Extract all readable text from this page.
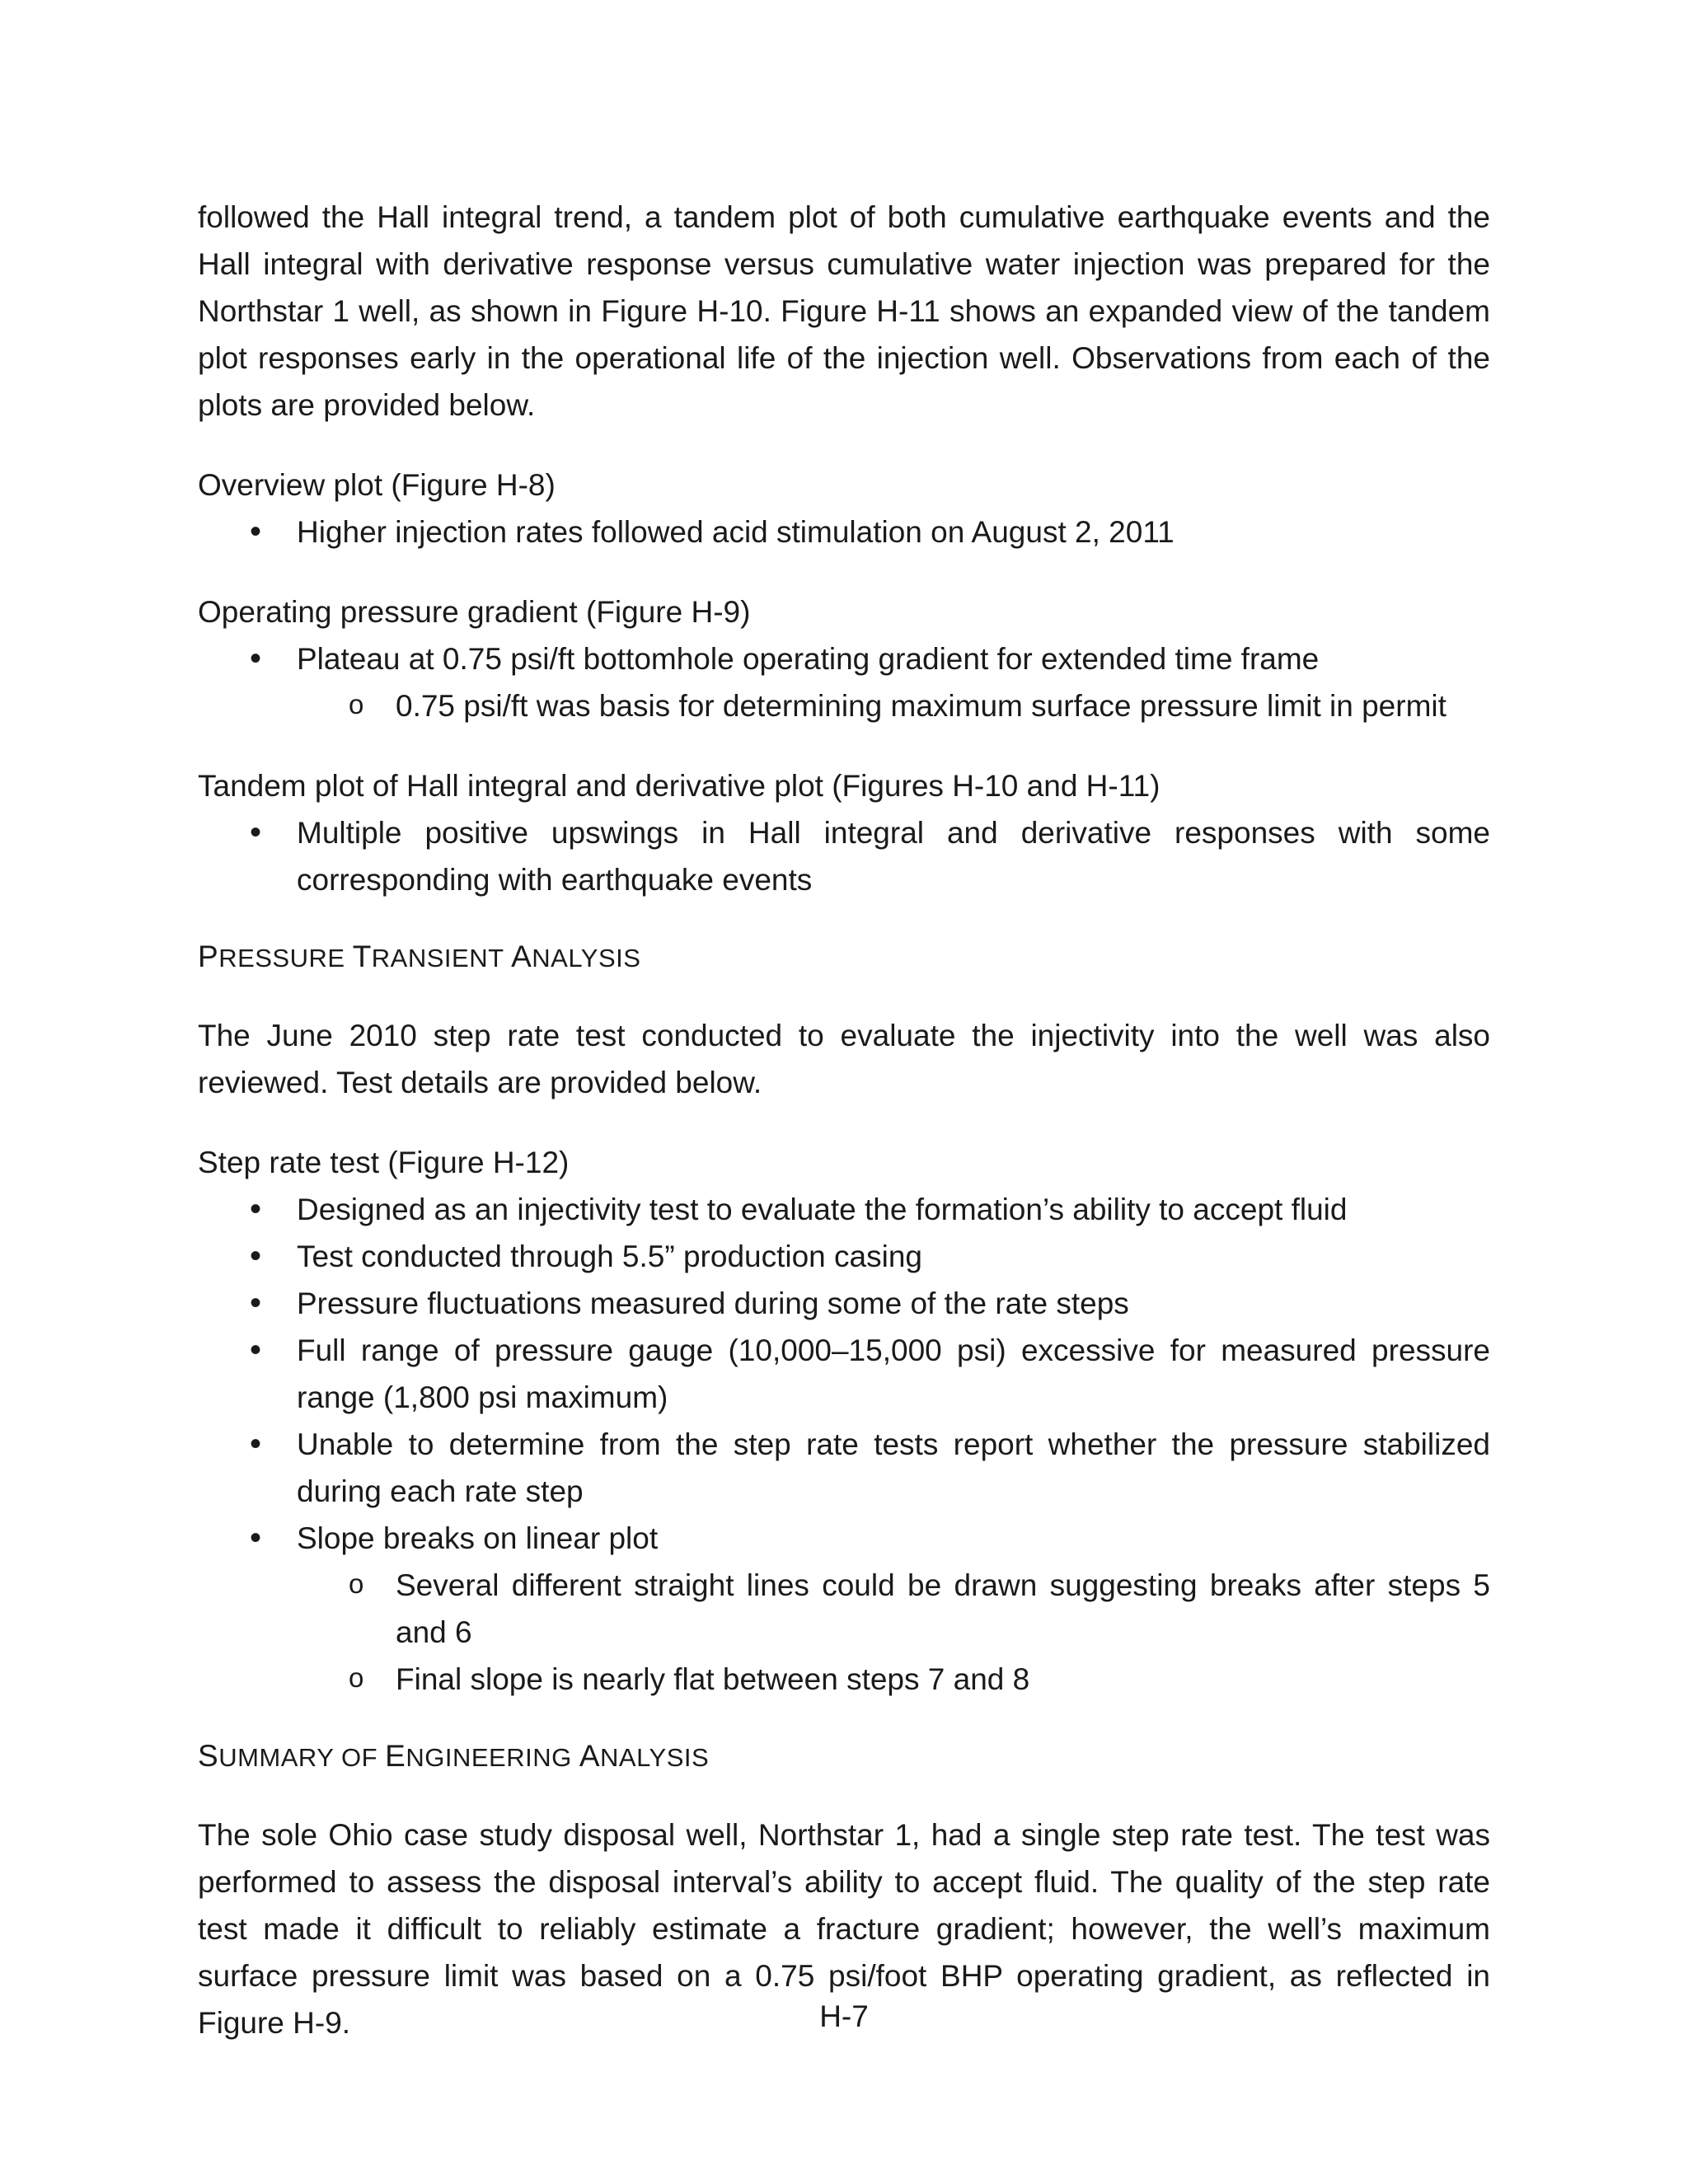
followed the Hall integral trend, a tandem plot of both cumulative earthquake events and the Hall integral with derivative response versus cumulative water injection was prepared for the Northstar 1 well, as shown in Figure H-10. Figure H-11 shows an expanded view of the tandem plot responses early in the operational life of the injection well. Observations from each of the plots are provided below.

Overview plot (Figure H-8)

• Higher injection rates followed acid stimulation on August 2, 2011

Operating pressure gradient (Figure H-9)

• Plateau at 0.75 psi/ft bottomhole operating gradient for extended time frame
o 0.75 psi/ft was basis for determining maximum surface pressure limit in permit

Tandem plot of Hall integral and derivative plot (Figures H-10 and H-11)

• Multiple positive upswings in Hall integral and derivative responses with some corresponding with earthquake events

PRESSURE TRANSIENT ANALYSIS

The June 2010 step rate test conducted to evaluate the injectivity into the well was also reviewed. Test details are provided below.

Step rate test (Figure H-12)

• Designed as an injectivity test to evaluate the formation’s ability to accept fluid
• Test conducted through 5.5” production casing
• Pressure fluctuations measured during some of the rate steps
• Full range of pressure gauge (10,000–15,000 psi) excessive for measured pressure range (1,800 psi maximum)
• Unable to determine from the step rate tests report whether the pressure stabilized during each rate step
• Slope breaks on linear plot
o Several different straight lines could be drawn suggesting breaks after steps 5 and 6
o Final slope is nearly flat between steps 7 and 8

SUMMARY OF ENGINEERING ANALYSIS

The sole Ohio case study disposal well, Northstar 1, had a single step rate test. The test was performed to assess the disposal interval’s ability to accept fluid. The quality of the step rate test made it difficult to reliably estimate a fracture gradient; however, the well’s maximum surface pressure limit was based on a 0.75 psi/foot BHP operating gradient, as reflected in Figure H-9.	H-7
